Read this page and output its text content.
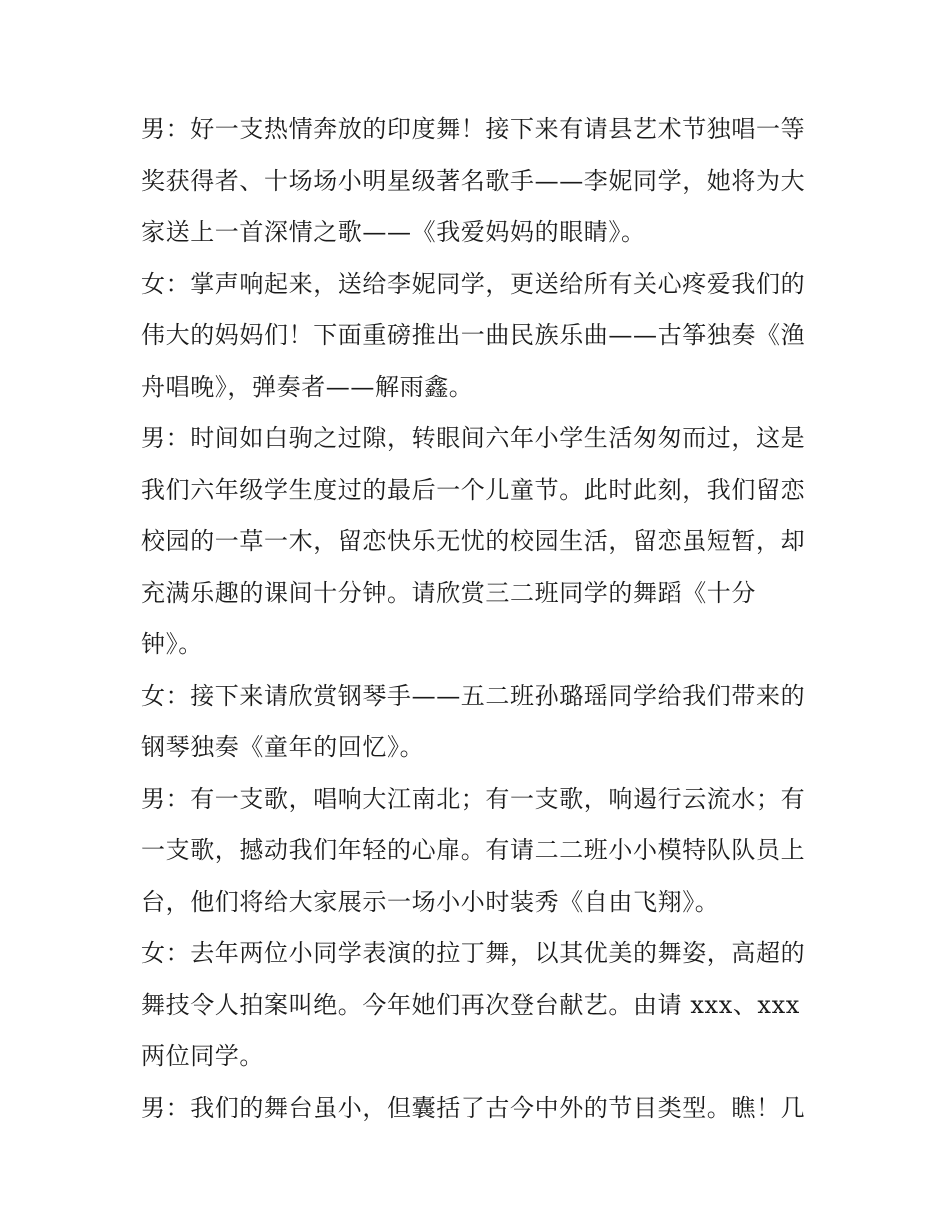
男：好一支热情奔放的印度舞！接下来有请县艺术节独唱一等
奖获得者、十场场小明星级著名歌手——李妮同学，她将为大
家送上一首深情之歌——《我爱妈妈的眼睛》。
女：掌声响起来，送给李妮同学，更送给所有关心疼爱我们的
伟大的妈妈们！下面重磅推出一曲民族乐曲——古筝独奏《渔
舟唱晚》，弹奏者——解雨鑫。
男：时间如白驹之过隙，转眼间六年小学生活匆匆而过，这是
我们六年级学生度过的最后一个儿童节。此时此刻，我们留恋
校园的一草一木，留恋快乐无忧的校园生活，留恋虽短暂，却
充满乐趣的课间十分钟。请欣赏三二班同学的舞蹈《十分
钟》。
女：接下来请欣赏钢琴手——五二班孙璐瑶同学给我们带来的
钢琴独奏《童年的回忆》。
男：有一支歌，唱响大江南北；有一支歌，响遏行云流水；有
一支歌，撼动我们年轻的心扉。有请二二班小小模特队队员上
台，他们将给大家展示一场小小时装秀《自由飞翔》。
女：去年两位小同学表演的拉丁舞，以其优美的舞姿，高超的
舞技令人拍案叫绝。今年她们再次登台献艺。由请 xxx、xxx
两位同学。
男：我们的舞台虽小，但囊括了古今中外的节目类型。瞧！几
